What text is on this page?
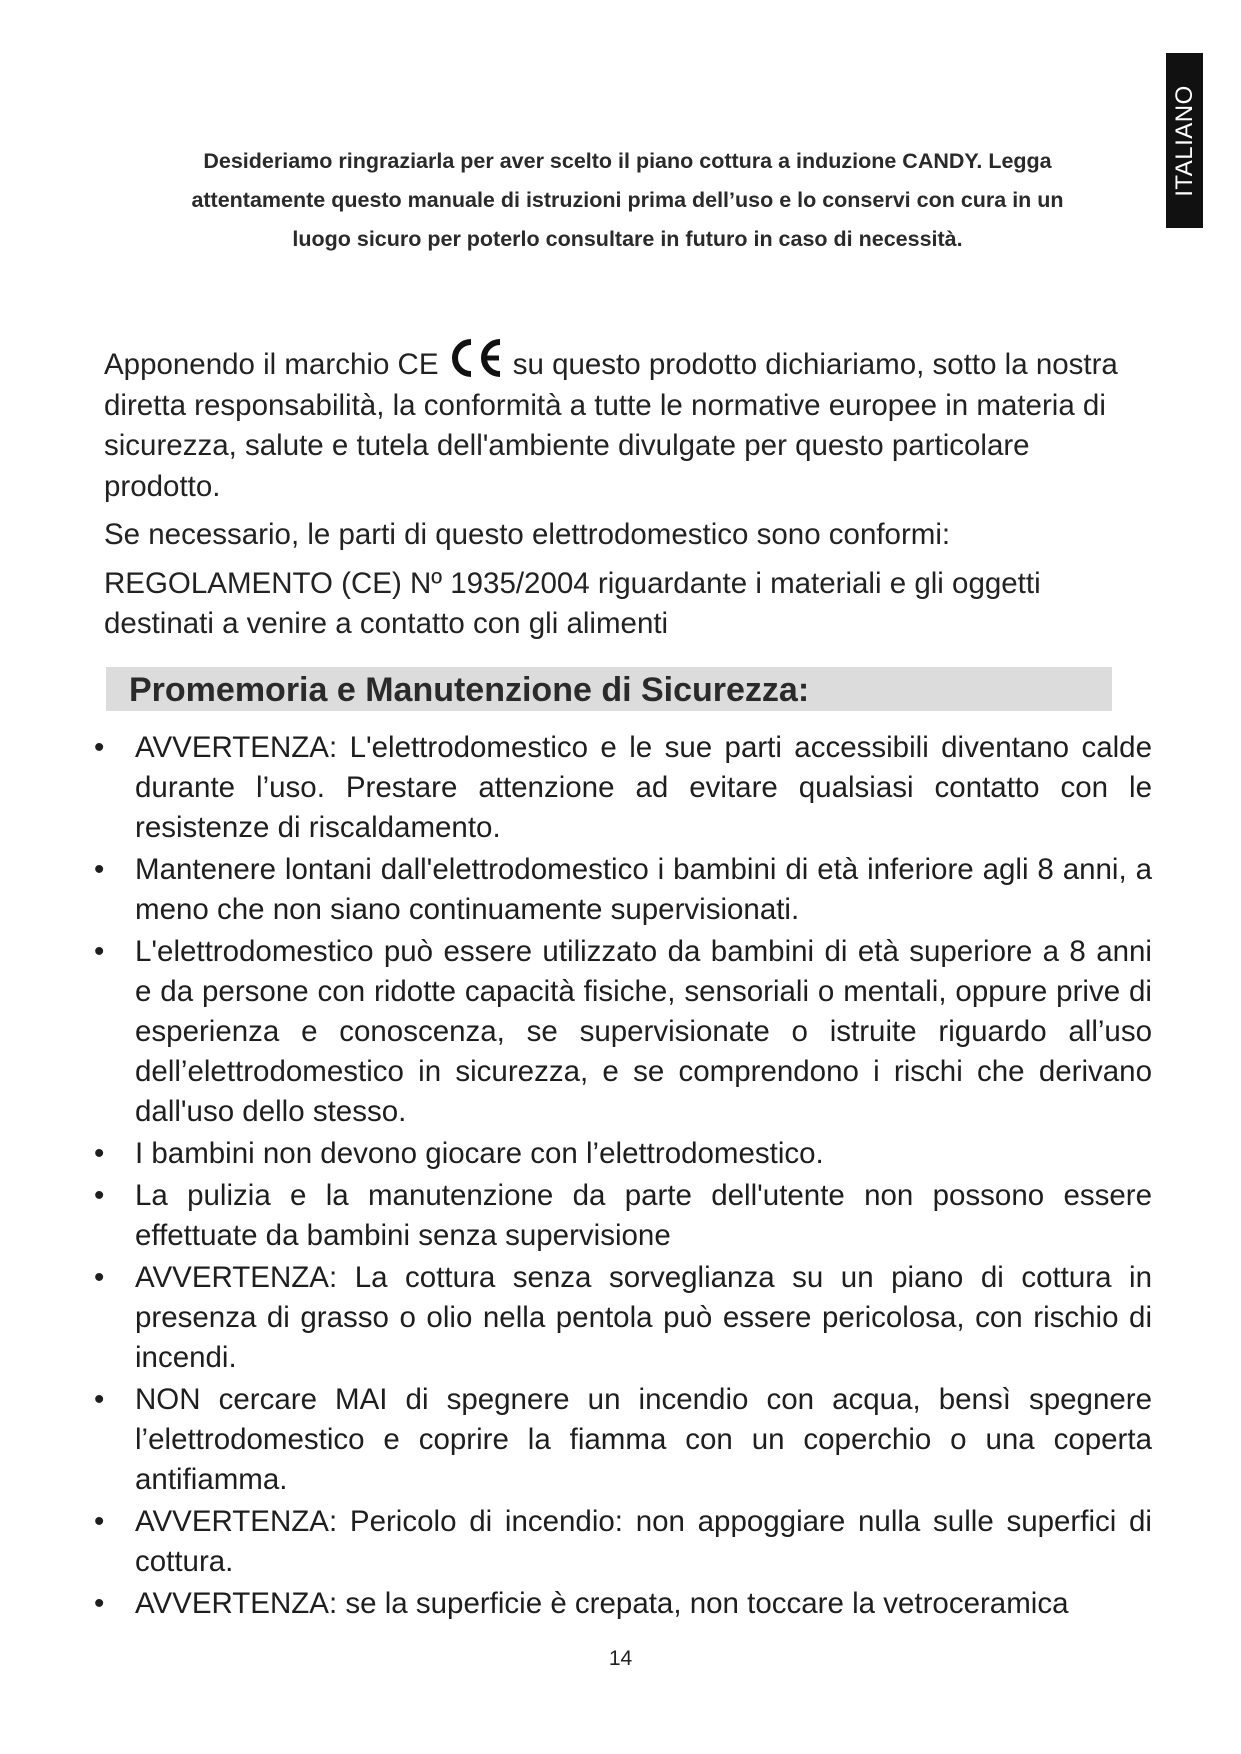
ITALIANO
Desideriamo ringraziarla per aver scelto il piano cottura a induzione CANDY. Legga
attentamente questo manuale di istruzioni prima dell’uso e lo conservi con cura in un
luogo sicuro per poterlo consultare in futuro in caso di necessità.

Apponendo il marchio CE	su questo prodotto dichiariamo, sotto la nostra diretta responsabilità, la conformità a tutte le normative europee in materia di sicurezza, salute e tutela dell'ambiente divulgate per questo particolare prodotto.

Se necessario, le parti di questo elettrodomestico sono conformi:

REGOLAMENTO (CE) Nº 1935/2004 riguardante i materiali e gli oggetti destinati a venire a contatto con gli alimenti

Promemoria e Manutenzione di Sicurezza:
• AVVERTENZA: L'elettrodomestico e le sue parti accessibili diventano calde durante l’uso. Prestare attenzione ad evitare qualsiasi contatto con le resistenze di riscaldamento.
• Mantenere lontani dall'elettrodomestico i bambini di età inferiore agli 8 anni, a meno che non siano continuamente supervisionati.
• L'elettrodomestico può essere utilizzato da bambini di età superiore a 8 anni e da persone con ridotte capacità fisiche, sensoriali o mentali, oppure prive di esperienza e conoscenza, se supervisionate o istruite riguardo all’uso dell’elettrodomestico in sicurezza, e se comprendono i rischi che derivano dall'uso dello stesso.
• I bambini non devono giocare con l’elettrodomestico.
• La pulizia e la manutenzione da parte dell'utente non possono essere effettuate da bambini senza supervisione
• AVVERTENZA: La cottura senza sorveglianza su un piano di cottura in presenza di grasso o olio nella pentola può essere pericolosa, con rischio di incendi.
• NON cercare MAI di spegnere un incendio con acqua, bensì spegnere l’elettrodomestico e coprire la fiamma con un coperchio o una coperta antifiamma.
• AVVERTENZA: Pericolo di incendio: non appoggiare nulla sulle superfici di cottura.
• AVVERTENZA: se la superficie è crepata, non toccare la vetroceramica
14
